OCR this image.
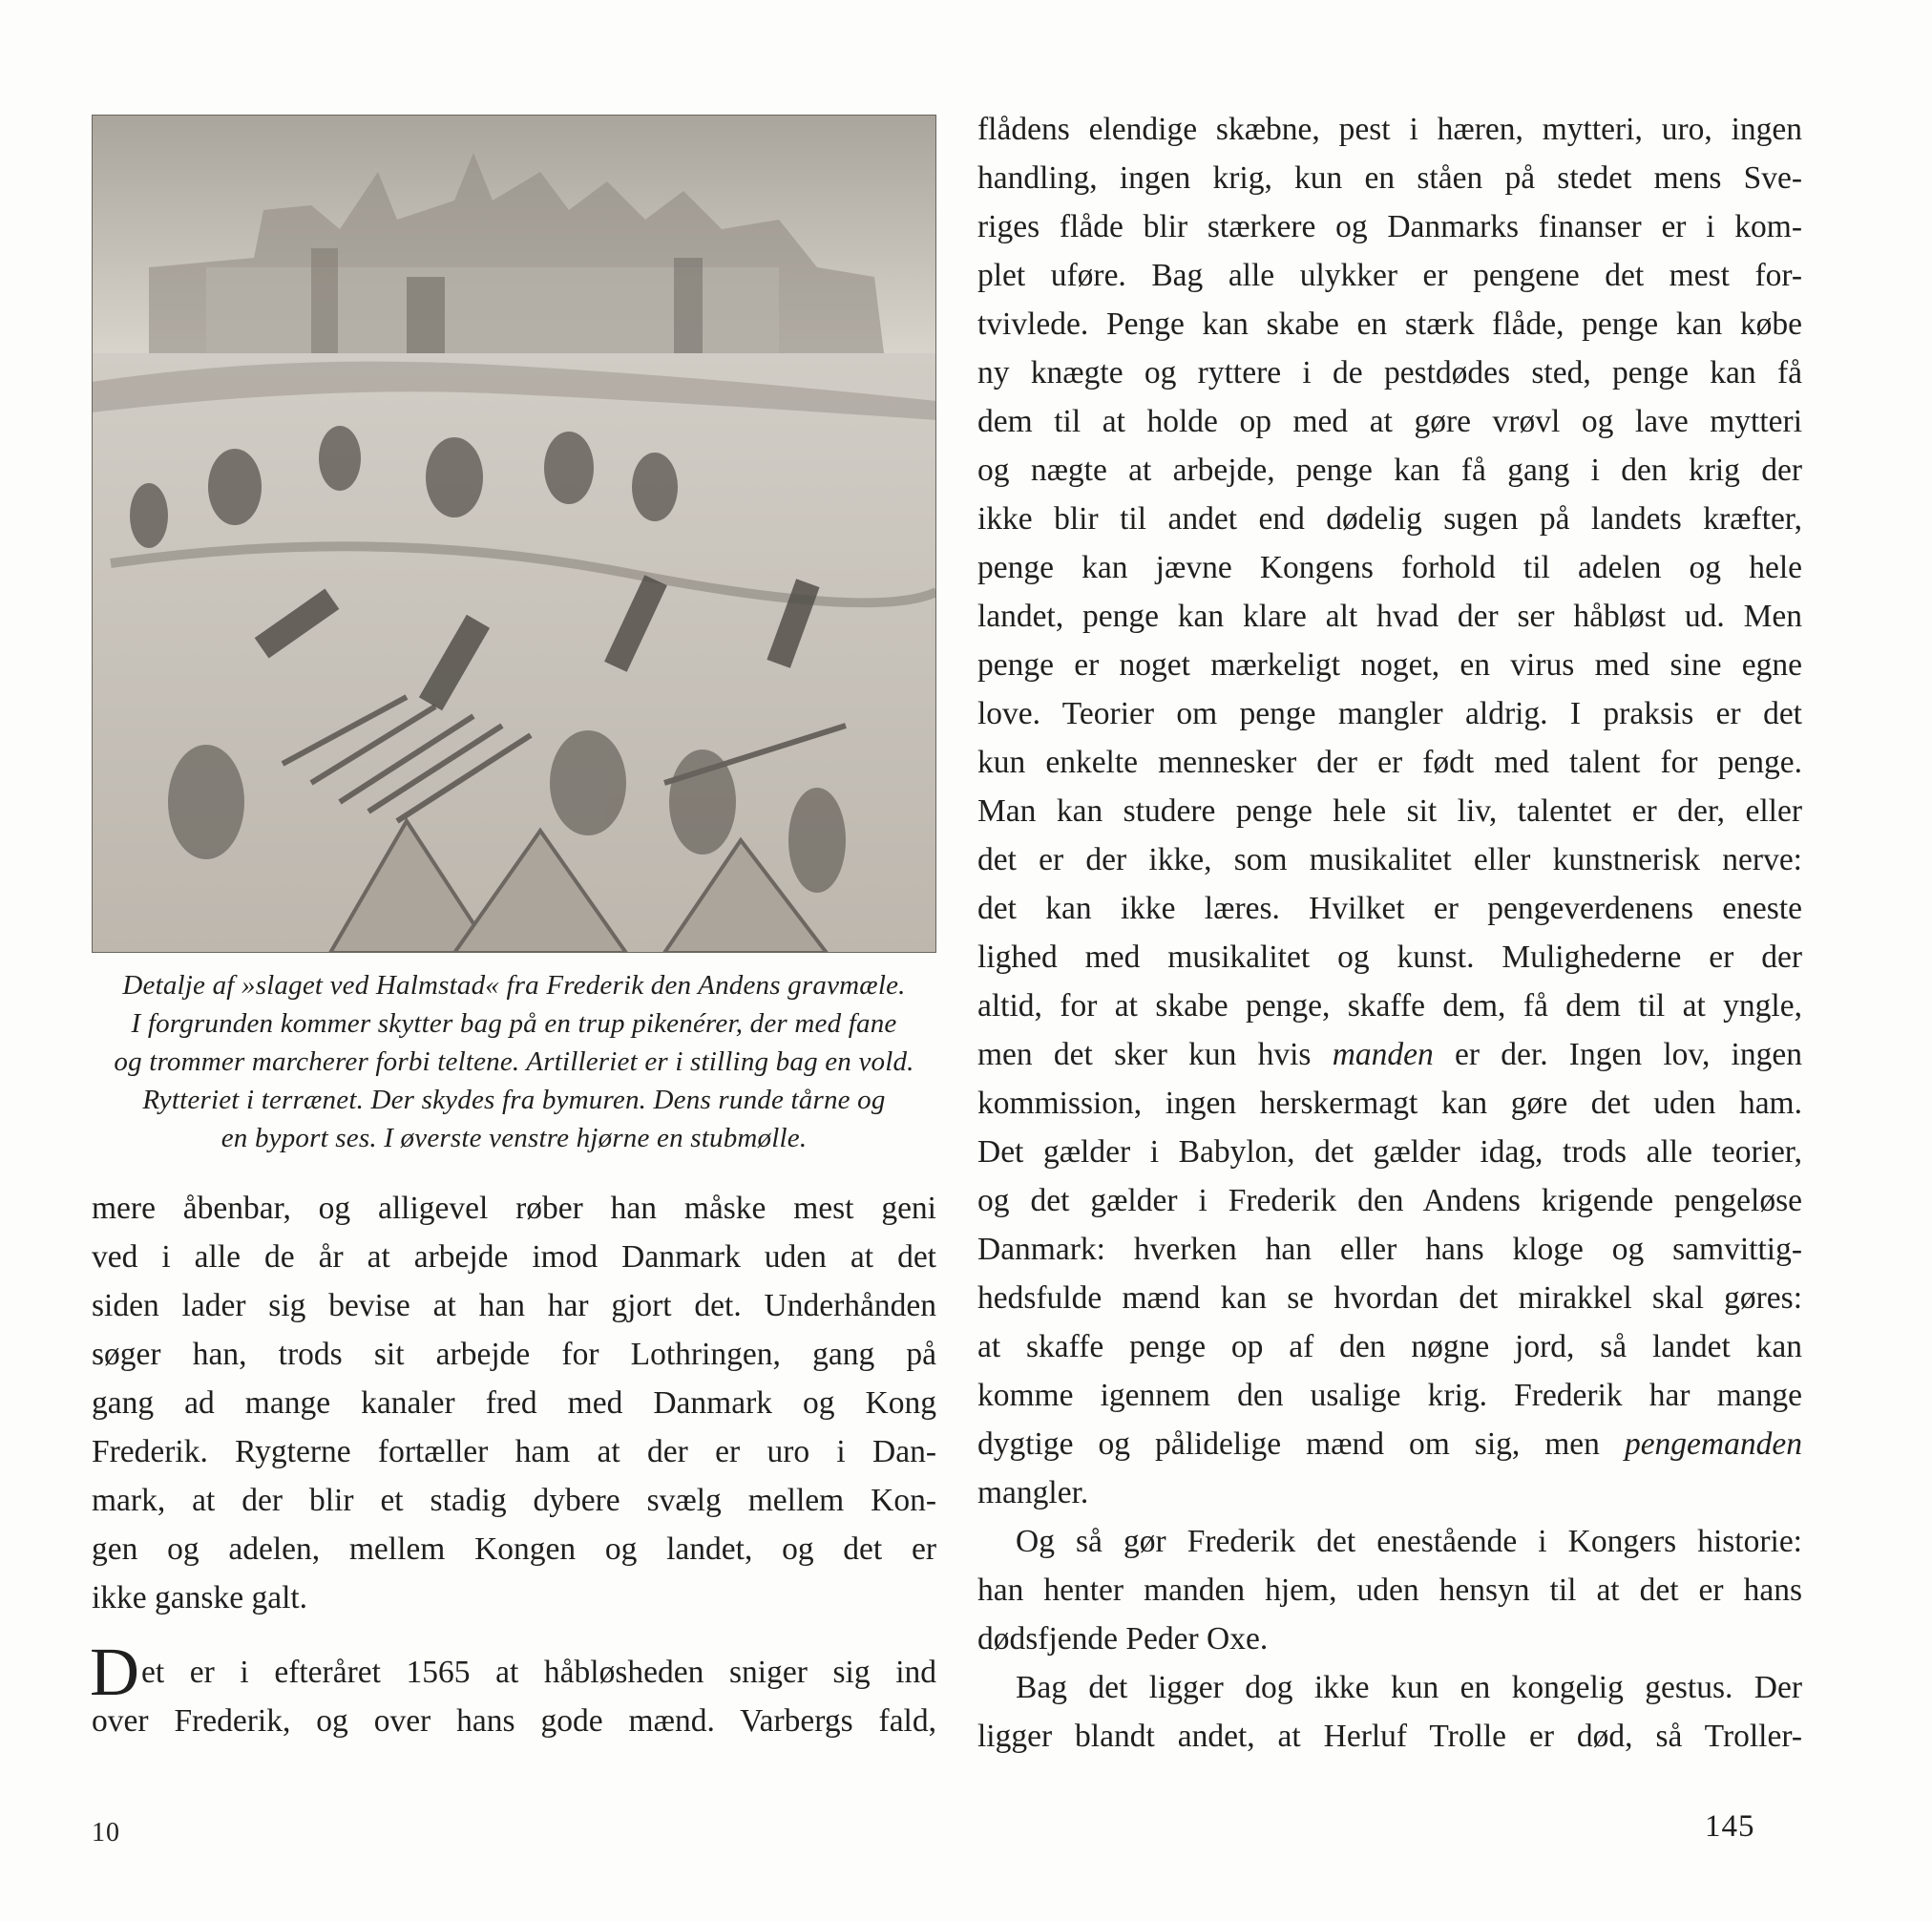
Detalje af »slaget ved Halmstad« fra Frederik den Andens gravmæle.
I forgrunden kommer skytter bag på en trup pikenérer, der med fane
og trommer marcherer forbi teltene. Artilleriet er i stilling bag en vold.
Rytteriet i terrænet. Der skydes fra bymuren. Dens runde tårne og
en byport ses. I øverste venstre hjørne en stubmølle.
mere åbenbar, og alligevel røber han måske mest geni
ved i alle de år at arbejde imod Danmark uden at det
siden lader sig bevise at han har gjort det. Underhånden
søger han, trods sit arbejde for Lothringen, gang på
gang ad mange kanaler fred med Danmark og Kong
Frederik. Rygterne fortæller ham at der er uro i Dan-
mark, at der blir et stadig dybere svælg mellem Kon-
gen og adelen, mellem Kongen og landet, og det er
ikke ganske galt.
Det er i efteråret 1565 at håbløsheden sniger sig ind
over Frederik, og over hans gode mænd. Varbergs fald,
flådens elendige skæbne, pest i hæren, mytteri, uro, ingen
handling, ingen krig, kun en ståen på stedet mens Sve-
riges flåde blir stærkere og Danmarks finanser er i kom-
plet uføre. Bag alle ulykker er pengene det mest for-
tvivlede. Penge kan skabe en stærk flåde, penge kan købe
ny knægte og ryttere i de pestdødes sted, penge kan få
dem til at holde op med at gøre vrøvl og lave mytteri
og nægte at arbejde, penge kan få gang i den krig der
ikke blir til andet end dødelig sugen på landets kræfter,
penge kan jævne Kongens forhold til adelen og hele
landet, penge kan klare alt hvad der ser håbløst ud. Men
penge er noget mærkeligt noget, en virus med sine egne
love. Teorier om penge mangler aldrig. I praksis er det
kun enkelte mennesker der er født med talent for penge.
Man kan studere penge hele sit liv, talentet er der, eller
det er der ikke, som musikalitet eller kunstnerisk nerve:
det kan ikke læres. Hvilket er pengeverdenens eneste
lighed med musikalitet og kunst. Mulighederne er der
altid, for at skabe penge, skaffe dem, få dem til at yngle,
men det sker kun hvis manden er der. Ingen lov, ingen
kommission, ingen herskermagt kan gøre det uden ham.
Det gælder i Babylon, det gælder idag, trods alle teorier,
og det gælder i Frederik den Andens krigende pengeløse
Danmark: hverken han eller hans kloge og samvittig-
hedsfulde mænd kan se hvordan det mirakkel skal gøres:
at skaffe penge op af den nøgne jord, så landet kan
komme igennem den usalige krig. Frederik har mange
dygtige og pålidelige mænd om sig, men pengemanden
mangler.
Og så gør Frederik det enestående i Kongers historie:
han henter manden hjem, uden hensyn til at det er hans
dødsfjende Peder Oxe.
Bag det ligger dog ikke kun en kongelig gestus. Der
ligger blandt andet, at Herluf Trolle er død, så Troller-
10	145
